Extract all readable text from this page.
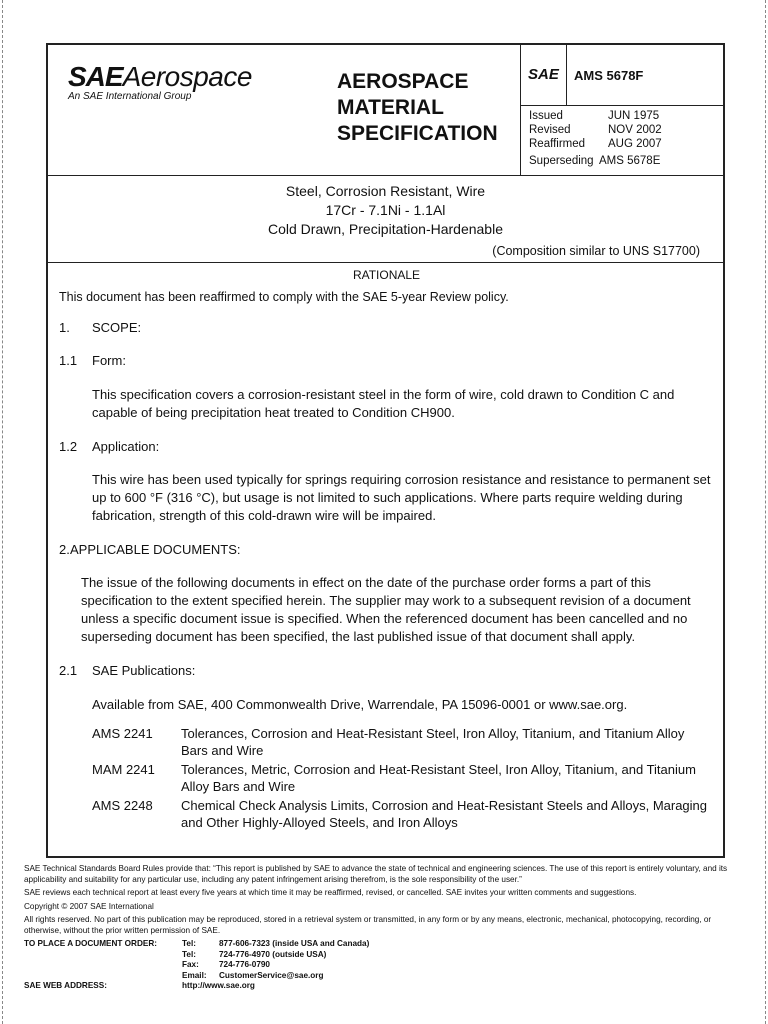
SAEAerospace
An SAE International Group
AEROSPACE
MATERIAL
SPECIFICATION
SAE AMS 5678F
Issued	JUN 1975
Revised	NOV 2002
Reaffirmed	AUG 2007
Superseding AMS 5678E
Steel, Corrosion Resistant, Wire
17Cr - 7.1Ni - 1.1Al
Cold Drawn, Precipitation-Hardenable
(Composition similar to UNS S17700)
RATIONALE

This document has been reaffirmed to comply with the SAE 5-year Review policy.

1. SCOPE:
1.1 Form:

This specification covers a corrosion-resistant steel in the form of wire, cold drawn to Condition C and capable of being precipitation heat treated to Condition CH900.

1.2 Application:

This wire has been used typically for springs requiring corrosion resistance and resistance to permanent set up to 600 °F (316 °C), but usage is not limited to such applications. Where parts require welding during fabrication, strength of this cold-drawn wire will be impaired.

2. APPLICABLE DOCUMENTS:

The issue of the following documents in effect on the date of the purchase order forms a part of this specification to the extent specified herein. The supplier may work to a subsequent revision of a document unless a specific document issue is specified. When the referenced document has been cancelled and no superseding document has been specified, the last published issue of that document shall apply.

2.1 SAE Publications:

Available from SAE, 400 Commonwealth Drive, Warrendale, PA 15096-0001 or www.sae.org.

AMS 2241	Tolerances, Corrosion and Heat-Resistant Steel, Iron Alloy, Titanium, and Titanium Alloy Bars and Wire
MAM 2241	Tolerances, Metric, Corrosion and Heat-Resistant Steel, Iron Alloy, Titanium, and Titanium Alloy Bars and Wire
AMS 2248	Chemical Check Analysis Limits, Corrosion and Heat-Resistant Steels and Alloys, Maraging and Other Highly-Alloyed Steels, and Iron Alloys

SAE Technical Standards Board Rules provide that: “This report is published by SAE to advance the state of technical and engineering sciences. The use of this report is entirely voluntary, and its applicability and suitability for any particular use, including any patent infringement arising therefrom, is the sole responsibility of the user.”

SAE reviews each technical report at least every five years at which time it may be reaffirmed, revised, or cancelled. SAE invites your written comments and suggestions.

Copyright © 2007 SAE International

All rights reserved. No part of this publication may be reproduced, stored in a retrieval system or transmitted, in any form or by any means, electronic, mechanical, photocopying, recording, or otherwise, without the prior written permission of SAE.

TO PLACE A DOCUMENT ORDER:	Tel:	877-606-7323 (inside USA and Canada)
Tel:	724-776-4970 (outside USA)
Fax:	724-776-0790
Email:	CustomerService@sae.org
SAE WEB ADDRESS:	http://www.sae.org
